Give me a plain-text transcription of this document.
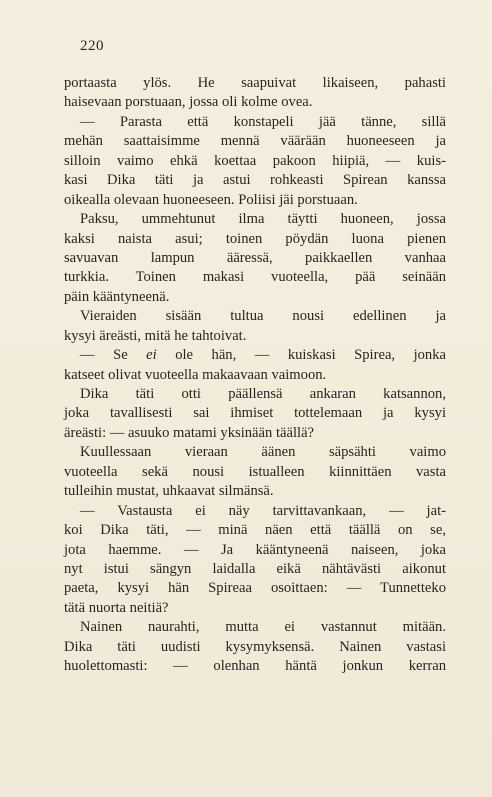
220
portaasta ylös. He saapuivat likaiseen, pahasti
haisevaan porstuaan, jossa oli kolme ovea.
— Parasta että konstapeli jää tänne, sillä
mehän saattaisimme mennä väärään huoneeseen ja
silloin vaimo ehkä koettaa pakoon hiipiä, — kuis-
kasi Dika täti ja astui rohkeasti Spirean kanssa
oikealla olevaan huoneeseen. Poliisi jäi porstuaan.
Paksu, ummehtunut ilma täytti huoneen, jossa
kaksi naista asui; toinen pöydän luona pienen
savuavan lampun ääressä, paikkaellen vanhaa
turkkia. Toinen makasi vuoteella, pää seinään
päin kääntyneenä.
Vieraiden sisään tultua nousi edellinen ja
kysyi äreästi, mitä he tahtoivat.
— Se ei ole hän, — kuiskasi Spirea, jonka
katseet olivat vuoteella makaavaan vaimoon.
Dika täti otti päällensä ankaran katsannon,
joka tavallisesti sai ihmiset tottelemaan ja kysyi
äreästi: — asuuko matami yksinään täällä?
Kuullessaan vieraan äänen säpsähti vaimo
vuoteella sekä nousi istualleen kiinnittäen vasta
tulleihin mustat, uhkaavat silmänsä.
— Vastausta ei näy tarvittavankaan, — jat-
koi Dika täti, — minä näen että täällä on se,
jota haemme. — Ja kääntyneenä naiseen, joka
nyt istui sängyn laidalla eikä nähtävästi aikonut
paeta, kysyi hän Spireaa osoittaen: — Tunnetteko
tätä nuorta neitiä?
Nainen naurahti, mutta ei vastannut mitään.
Dika täti uudisti kysymyksensä. Nainen vastasi
huolettomasti: — olenhan häntä jonkun kerran
